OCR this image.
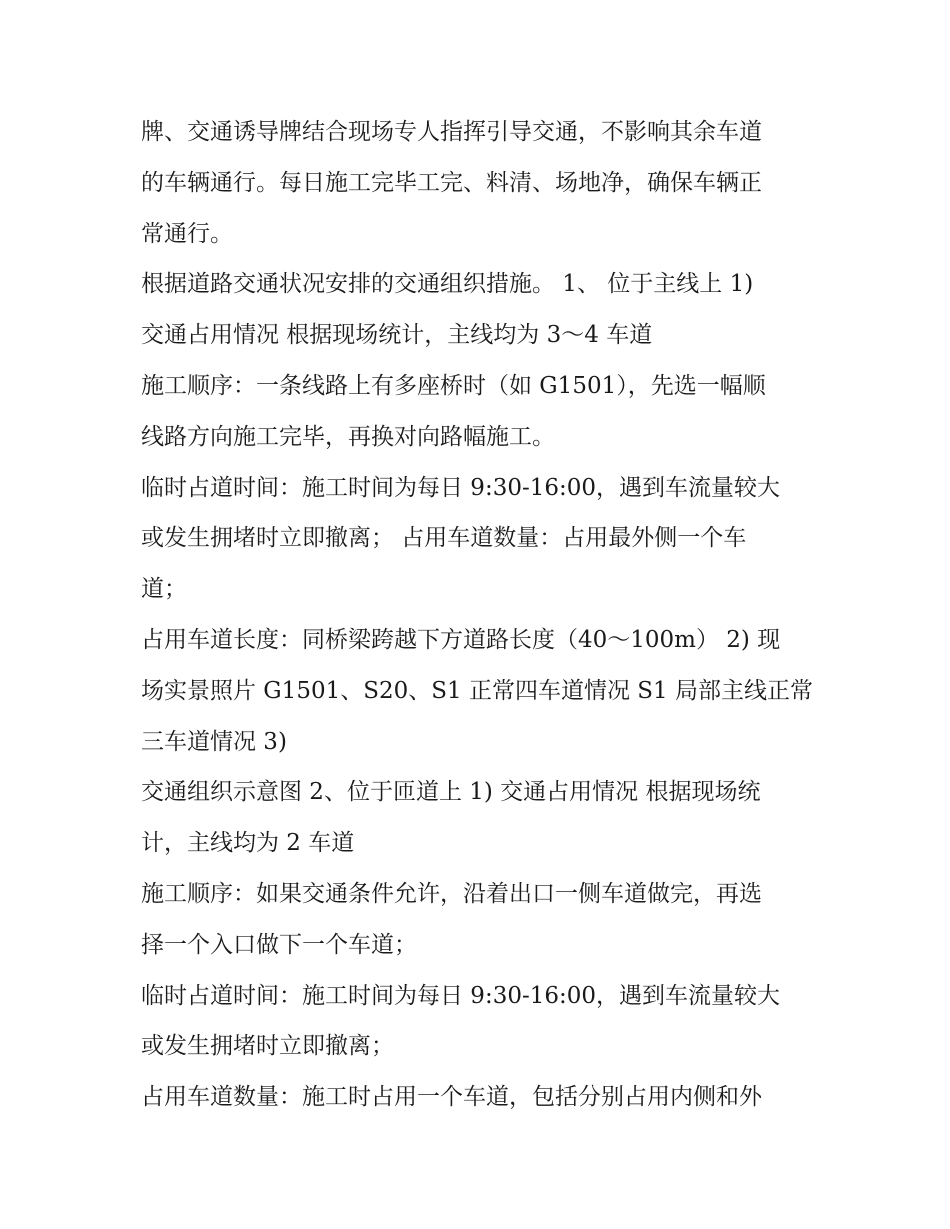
牌、交通诱导牌结合现场专人指挥引导交通，不影响其余车道
的车辆通行。每日施工完毕工完、料清、场地净，确保车辆正
常通行。

根据道路交通状况安排的交通组织措施。 1、 位于主线上 1)
交通占用情况 根据现场统计，主线均为 3～4 车道

施工顺序：一条线路上有多座桥时（如 G1501），先选一幅顺
线路方向施工完毕，再换对向路幅施工。

临时占道时间：施工时间为每日 9:30-16:00，遇到车流量较大
或发生拥堵时立即撤离； 占用车道数量：占用最外侧一个车
道；

占用车道长度：同桥梁跨越下方道路长度（40～100m） 2) 现
场实景照片 G1501、S20、S1 正常四车道情况 S1 局部主线正常
三车道情况 3)

交通组织示意图 2、位于匝道上 1) 交通占用情况 根据现场统
计，主线均为 2 车道

施工顺序：如果交通条件允许，沿着出口一侧车道做完，再选
择一个入口做下一个车道；

临时占道时间：施工时间为每日 9:30-16:00，遇到车流量较大
或发生拥堵时立即撤离；

占用车道数量：施工时占用一个车道，包括分别占用内侧和外
